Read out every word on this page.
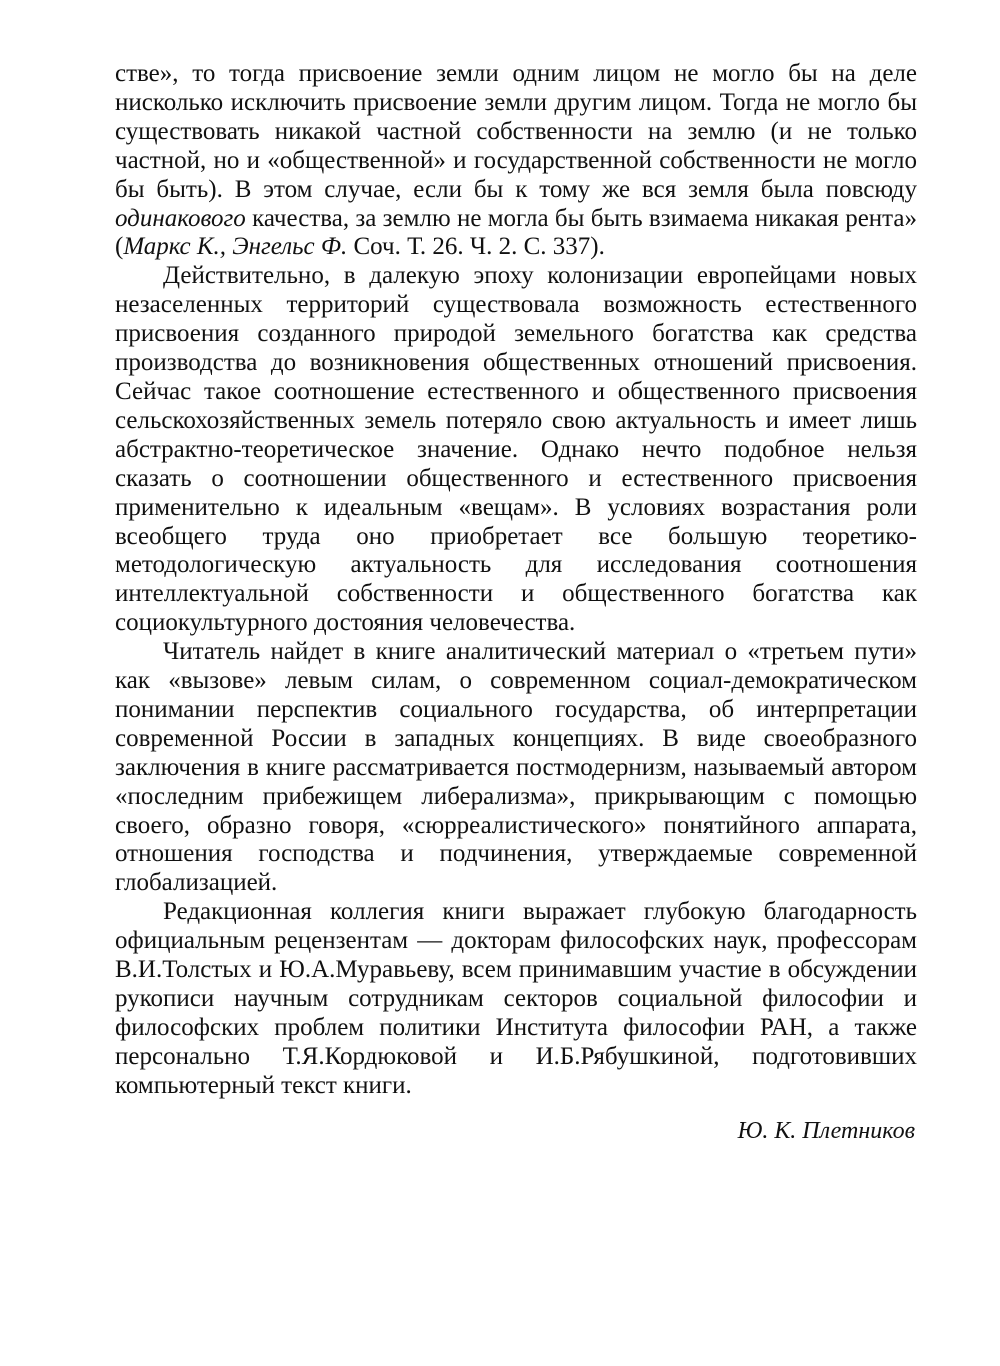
стве», то тогда присвоение земли одним лицом не могло бы на деле нисколько исключить присвоение земли другим лицом. Тогда не могло бы существовать никакой частной собственности на землю (и не только частной, но и «общественной» и государственной собственности не могло бы быть). В этом случае, если бы к тому же вся земля была повсюду одинакового качества, за землю не могла бы быть взимаема никакая рента» (Маркс К., Энгельс Ф. Соч. Т. 26. Ч. 2. С. 337).

Действительно, в далекую эпоху колонизации европейцами новых незаселенных территорий существовала возможность естественного присвоения созданного природой земельного богатства как средства производства до возникновения общественных отношений присвоения. Сейчас такое соотношение естественного и общественного присвоения сельскохозяйственных земель потеряло свою актуальность и имеет лишь абстрактно-теоретическое значение. Однако нечто подобное нельзя сказать о соотношении общественного и естественного присвоения применительно к идеальным «вещам». В условиях возрастания роли всеобщего труда оно приобретает все большую теоретико-методологическую актуальность для исследования соотношения интеллектуальной собственности и общественного богатства как социокультурного достояния человечества.

Читатель найдет в книге аналитический материал о «третьем пути» как «вызове» левым силам, о современном социал-демократическом понимании перспектив социального государства, об интерпретации современной России в западных концепциях. В виде своеобразного заключения в книге рассматривается постмодернизм, называемый автором «последним прибежищем либерализма», прикрывающим с помощью своего, образно говоря, «сюрреалистического» понятийного аппарата, отношения господства и подчинения, утверждаемые современной глобализацией.

Редакционная коллегия книги выражает глубокую благодарность официальным рецензентам — докторам философских наук, профессорам В.И.Толстых и Ю.А.Муравьеву, всем принимавшим участие в обсуждении рукописи научным сотрудникам секторов социальной философии и философских проблем политики Института философии РАН, а также персонально Т.Я.Кордюковой и И.Б.Рябушкиной, подготовивших компьютерный текст книги.

Ю. К. Плетников
